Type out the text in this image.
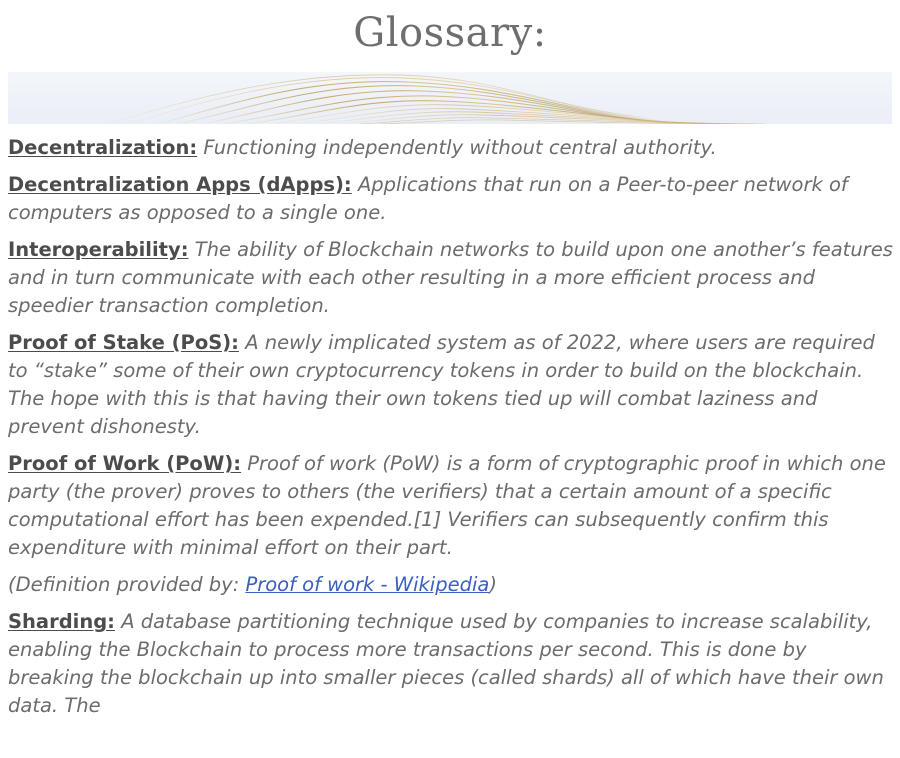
Glossary:

Decentralization: Functioning independently without central authority.

Decentralization Apps (dApps): Applications that run on a Peer-to-peer network of computers as opposed to a single one.

Interoperability: The ability of Blockchain networks to build upon one another’s features and in turn communicate with each other resulting in a more efficient process and speedier transaction completion.

Proof of Stake (PoS): A newly implicated system as of 2022, where users are required to “stake” some of their own cryptocurrency tokens in order to build on the blockchain. The hope with this is that having their own tokens tied up will combat laziness and prevent dishonesty.

Proof of Work (PoW): Proof of work (PoW) is a form of cryptographic proof in which one party (the prover) proves to others (the verifiers) that a certain amount of a specific computational effort has been expended.[1] Verifiers can subsequently confirm this expenditure with minimal effort on their part.

(Definition provided by: Proof of work - Wikipedia)

Sharding: A database partitioning technique used by companies to increase scalability, enabling the Blockchain to process more transactions per second. This is done by breaking the blockchain up into smaller pieces (called shards) all of which have their own data. The
